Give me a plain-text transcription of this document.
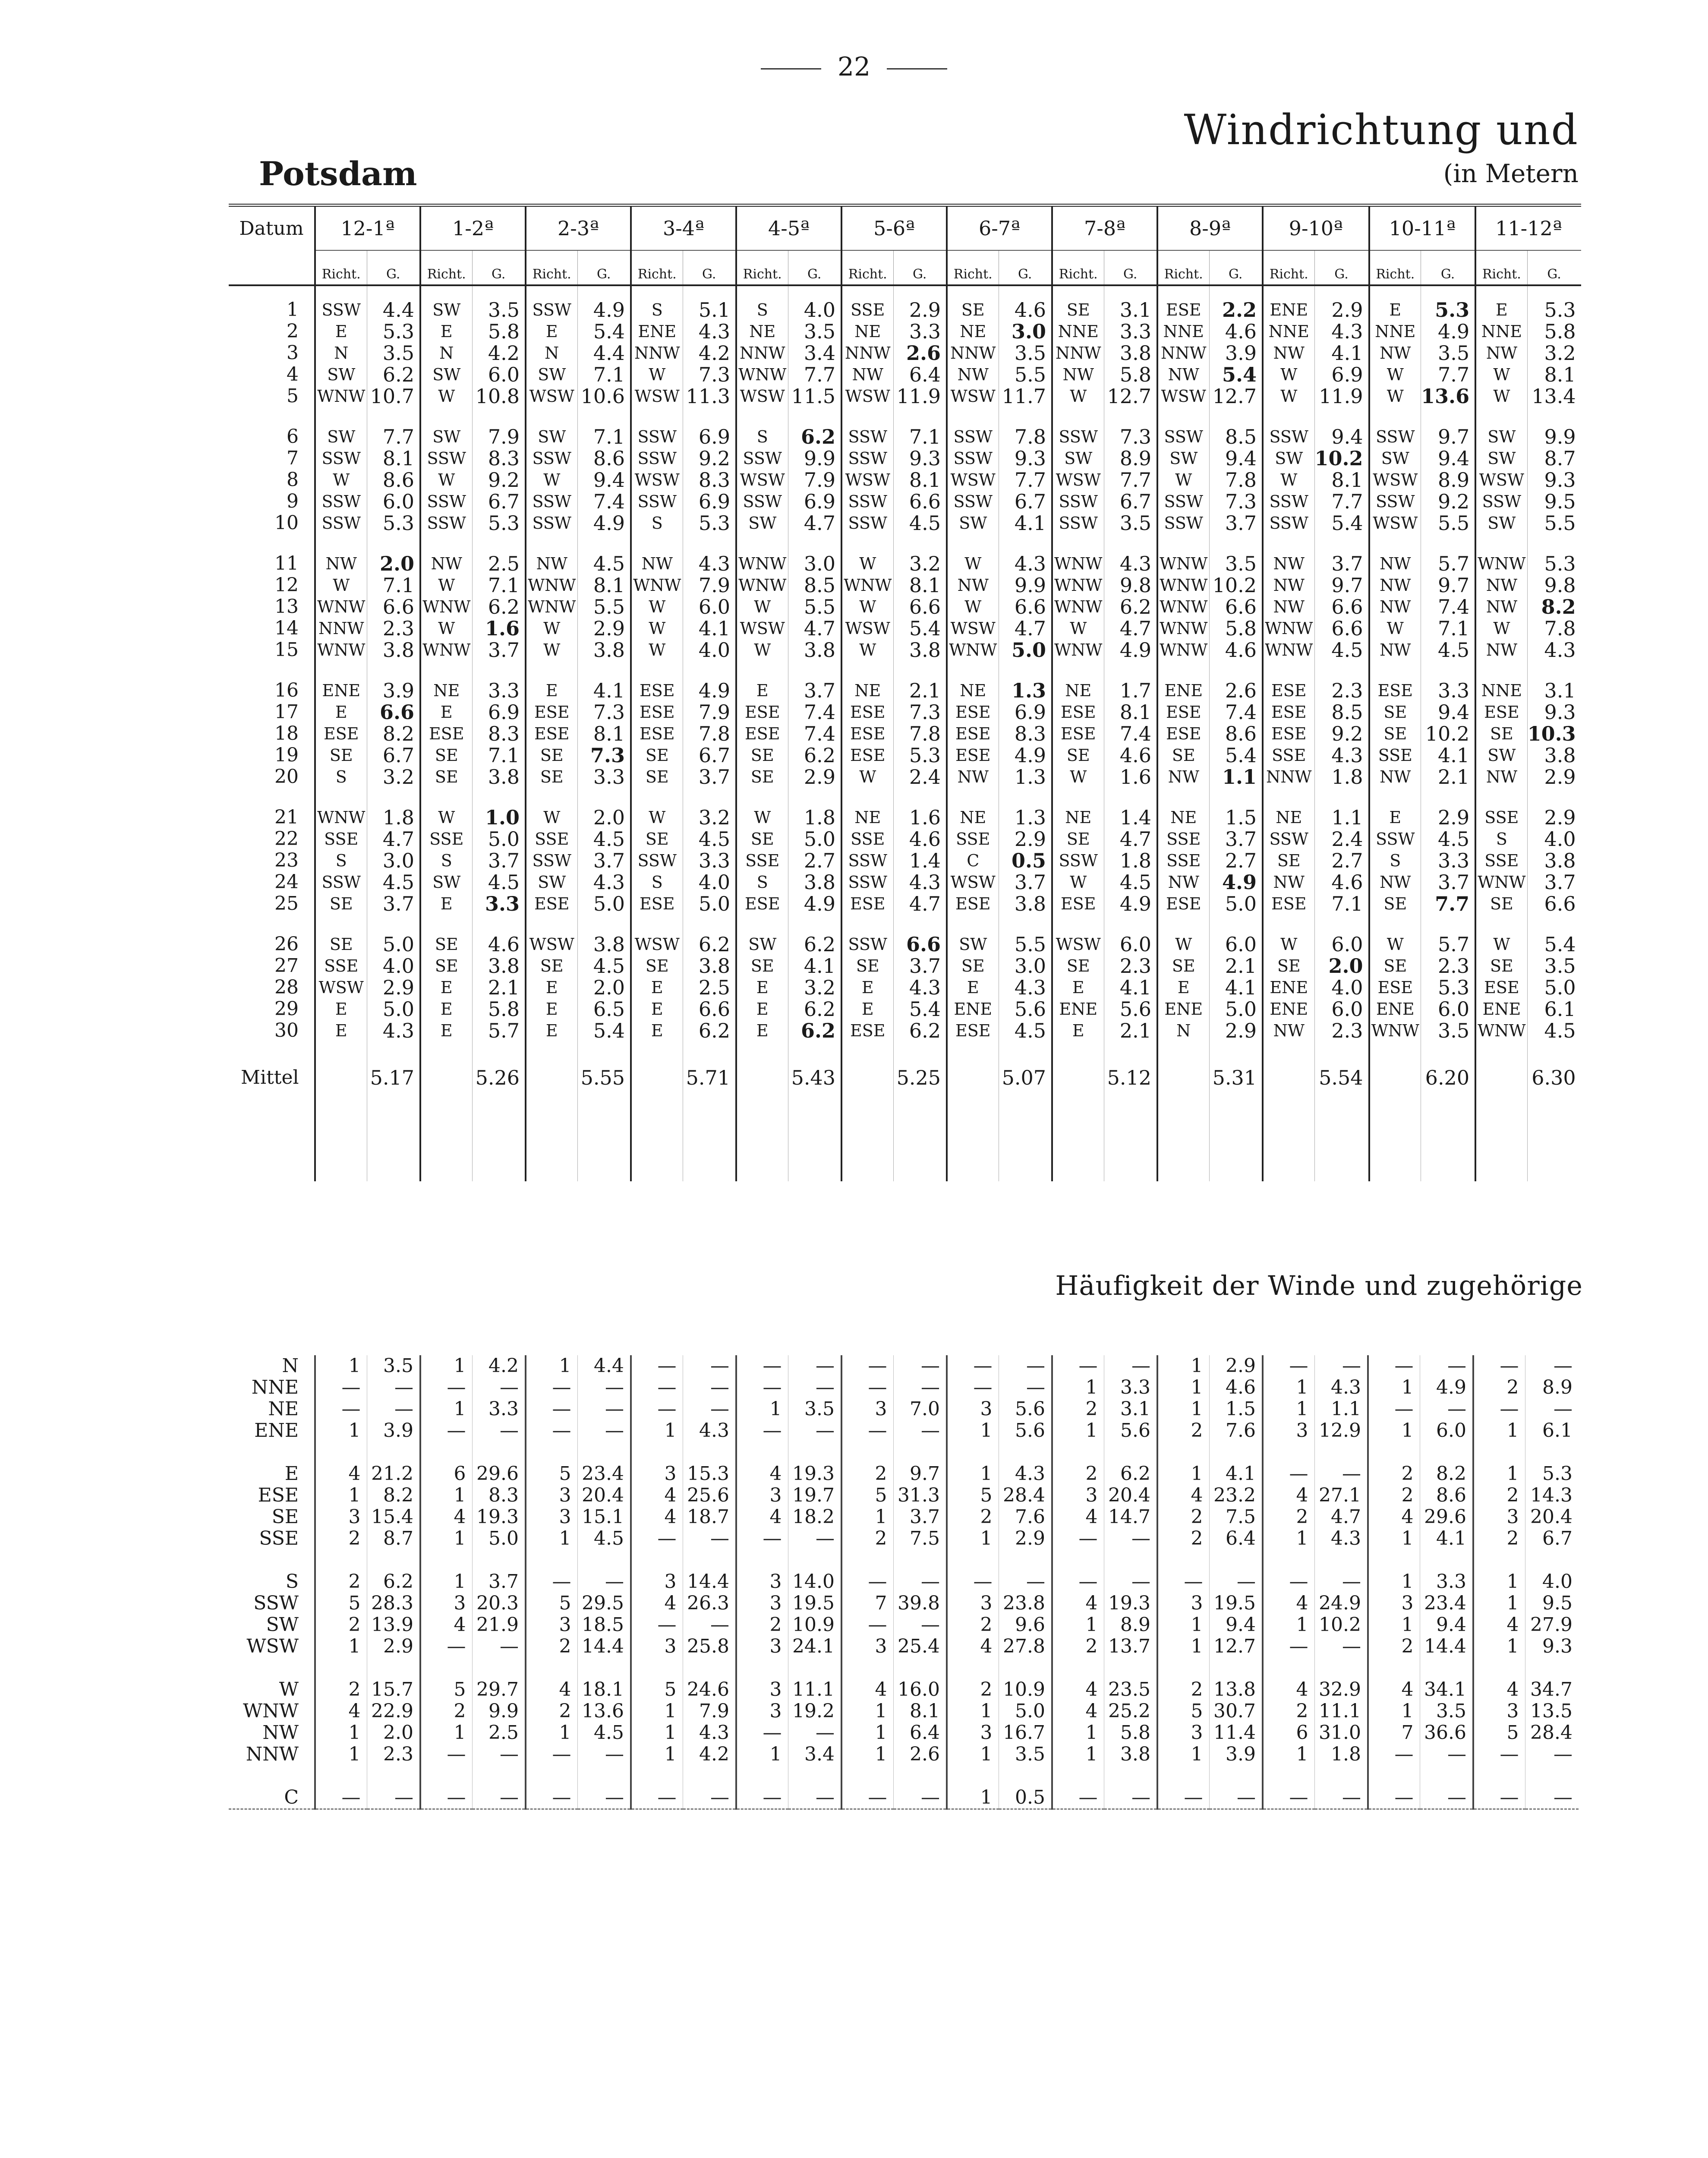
22
Windrichtung und
(in Metern
Potsdam
Datum	12-1ª		1-2ª		2-3ª		3-4ª		4-5ª		5-6ª		6-7ª		7-8ª		8-9ª		9-10ª		10-11ª		11-12ª	
	Richt.	G.	Richt.	G.	Richt.	G.	Richt.	G.	Richt.	G.	Richt.	G.	Richt.	G.	Richt.	G.	Richt.	G.	Richt.	G.	Richt.	G.	Richt.	G.
1	SSW	4.4	SW	3.5	SSW	4.9	S	5.1	S	4.0	SSE	2.9	SE	4.6	SE	3.1	ESE	2.2	ENE	2.9	E	5.3	E	5.3
2	E	5.3	E	5.8	E	5.4	ENE	4.3	NE	3.5	NE	3.3	NE	3.0	NNE	3.3	NNE	4.6	NNE	4.3	NNE	4.9	NNE	5.8
3	N	3.5	N	4.2	N	4.4	NNW	4.2	NNW	3.4	NNW	2.6	NNW	3.5	NNW	3.8	NNW	3.9	NW	4.1	NW	3.5	NW	3.2
4	SW	6.2	SW	6.0	SW	7.1	W	7.3	WNW	7.7	NW	6.4	NW	5.5	NW	5.8	NW	5.4	W	6.9	W	7.7	W	8.1
5	WNW	10.7	W	10.8	WSW	10.6	WSW	11.3	WSW	11.5	WSW	11.9	WSW	11.7	W	12.7	WSW	12.7	W	11.9	W	13.6	W	13.4

6	SW	7.7	SW	7.9	SW	7.1	SSW	6.9	S	6.2	SSW	7.1	SSW	7.8	SSW	7.3	SSW	8.5	SSW	9.4	SSW	9.7	SW	9.9
7	SSW	8.1	SSW	8.3	SSW	8.6	SSW	9.2	SSW	9.9	SSW	9.3	SSW	9.3	SW	8.9	SW	9.4	SW	10.2	SW	9.4	SW	8.7
8	W	8.6	W	9.2	W	9.4	WSW	8.3	WSW	7.9	WSW	8.1	WSW	7.7	WSW	7.7	W	7.8	W	8.1	WSW	8.9	WSW	9.3
9	SSW	6.0	SSW	6.7	SSW	7.4	SSW	6.9	SSW	6.9	SSW	6.6	SSW	6.7	SSW	6.7	SSW	7.3	SSW	7.7	SSW	9.2	SSW	9.5
10	SSW	5.3	SSW	5.3	SSW	4.9	S	5.3	SW	4.7	SSW	4.5	SW	4.1	SSW	3.5	SSW	3.7	SSW	5.4	WSW	5.5	SW	5.5

11	NW	2.0	NW	2.5	NW	4.5	NW	4.3	WNW	3.0	W	3.2	W	4.3	WNW	4.3	WNW	3.5	NW	3.7	NW	5.7	WNW	5.3
12	W	7.1	W	7.1	WNW	8.1	WNW	7.9	WNW	8.5	WNW	8.1	NW	9.9	WNW	9.8	WNW	10.2	NW	9.7	NW	9.7	NW	9.8
13	WNW	6.6	WNW	6.2	WNW	5.5	W	6.0	W	5.5	W	6.6	W	6.6	WNW	6.2	WNW	6.6	NW	6.6	NW	7.4	NW	8.2
14	NNW	2.3	W	1.6	W	2.9	W	4.1	WSW	4.7	WSW	5.4	WSW	4.7	W	4.7	WNW	5.8	WNW	6.6	W	7.1	W	7.8
15	WNW	3.8	WNW	3.7	W	3.8	W	4.0	W	3.8	W	3.8	WNW	5.0	WNW	4.9	WNW	4.6	WNW	4.5	NW	4.5	NW	4.3

16	ENE	3.9	NE	3.3	E	4.1	ESE	4.9	E	3.7	NE	2.1	NE	1.3	NE	1.7	ENE	2.6	ESE	2.3	ESE	3.3	NNE	3.1
17	E	6.6	E	6.9	ESE	7.3	ESE	7.9	ESE	7.4	ESE	7.3	ESE	6.9	ESE	8.1	ESE	7.4	ESE	8.5	SE	9.4	ESE	9.3
18	ESE	8.2	ESE	8.3	ESE	8.1	ESE	7.8	ESE	7.4	ESE	7.8	ESE	8.3	ESE	7.4	ESE	8.6	ESE	9.2	SE	10.2	SE	10.3
19	SE	6.7	SE	7.1	SE	7.3	SE	6.7	SE	6.2	ESE	5.3	ESE	4.9	SE	4.6	SE	5.4	SSE	4.3	SSE	4.1	SW	3.8
20	S	3.2	SE	3.8	SE	3.3	SE	3.7	SE	2.9	W	2.4	NW	1.3	W	1.6	NW	1.1	NNW	1.8	NW	2.1	NW	2.9

21	WNW	1.8	W	1.0	W	2.0	W	3.2	W	1.8	NE	1.6	NE	1.3	NE	1.4	NE	1.5	NE	1.1	E	2.9	SSE	2.9
22	SSE	4.7	SSE	5.0	SSE	4.5	SE	4.5	SE	5.0	SSE	4.6	SSE	2.9	SE	4.7	SSE	3.7	SSW	2.4	SSW	4.5	S	4.0
23	S	3.0	S	3.7	SSW	3.7	SSW	3.3	SSE	2.7	SSW	1.4	C	0.5	SSW	1.8	SSE	2.7	SE	2.7	S	3.3	SSE	3.8
24	SSW	4.5	SW	4.5	SW	4.3	S	4.0	S	3.8	SSW	4.3	WSW	3.7	W	4.5	NW	4.9	NW	4.6	NW	3.7	WNW	3.7
25	SE	3.7	E	3.3	ESE	5.0	ESE	5.0	ESE	4.9	ESE	4.7	ESE	3.8	ESE	4.9	ESE	5.0	ESE	7.1	SE	7.7	SE	6.6

26	SE	5.0	SE	4.6	WSW	3.8	WSW	6.2	SW	6.2	SSW	6.6	SW	5.5	WSW	6.0	W	6.0	W	6.0	W	5.7	W	5.4
27	SSE	4.0	SE	3.8	SE	4.5	SE	3.8	SE	4.1	SE	3.7	SE	3.0	SE	2.3	SE	2.1	SE	2.0	SE	2.3	SE	3.5
28	WSW	2.9	E	2.1	E	2.0	E	2.5	E	3.2	E	4.3	E	4.3	E	4.1	E	4.1	ENE	4.0	ESE	5.3	ESE	5.0
29	E	5.0	E	5.8	E	6.5	E	6.6	E	6.2	E	5.4	ENE	5.6	ENE	5.6	ENE	5.0	ENE	6.0	ENE	6.0	ENE	6.1
30	E	4.3	E	5.7	E	5.4	E	6.2	E	6.2	ESE	6.2	ESE	4.5	E	2.1	N	2.9	NW	2.3	WNW	3.5	WNW	4.5

Mittel		5.17		5.26		5.55		5.71		5.43		5.25		5.07		5.12		5.31		5.54		6.20		6.30

Häufigkeit der Winde und zugehörige
N	1	3.5	1	4.2	1	4.4	—	—	—	—	—	—	—	—	—	—	1	2.9	—	—	—	—	—	—
NNE	—	—	—	—	—	—	—	—	—	—	—	—	—	—	1	3.3	1	4.6	1	4.3	1	4.9	2	8.9
NE	—	—	1	3.3	—	—	—	—	1	3.5	3	7.0	3	5.6	2	3.1	1	1.5	1	1.1	—	—	—	—
ENE	1	3.9	—	—	—	—	1	4.3	—	—	—	—	1	5.6	1	5.6	2	7.6	3	12.9	1	6.0	1	6.1

E	4	21.2	6	29.6	5	23.4	3	15.3	4	19.3	2	9.7	1	4.3	2	6.2	1	4.1	—	—	2	8.2	1	5.3
ESE	1	8.2	1	8.3	3	20.4	4	25.6	3	19.7	5	31.3	5	28.4	3	20.4	4	23.2	4	27.1	2	8.6	2	14.3
SE	3	15.4	4	19.3	3	15.1	4	18.7	4	18.2	1	3.7	2	7.6	4	14.7	2	7.5	2	4.7	4	29.6	3	20.4
SSE	2	8.7	1	5.0	1	4.5	—	—	—	—	2	7.5	1	2.9	—	—	2	6.4	1	4.3	1	4.1	2	6.7

S	2	6.2	1	3.7	—	—	3	14.4	3	14.0	—	—	—	—	—	—	—	—	—	—	1	3.3	1	4.0
SSW	5	28.3	3	20.3	5	29.5	4	26.3	3	19.5	7	39.8	3	23.8	4	19.3	3	19.5	4	24.9	3	23.4	1	9.5
SW	2	13.9	4	21.9	3	18.5	—	—	2	10.9	—	—	2	9.6	1	8.9	1	9.4	1	10.2	1	9.4	4	27.9
WSW	1	2.9	—	—	2	14.4	3	25.8	3	24.1	3	25.4	4	27.8	2	13.7	1	12.7	—	—	2	14.4	1	9.3

W	2	15.7	5	29.7	4	18.1	5	24.6	3	11.1	4	16.0	2	10.9	4	23.5	2	13.8	4	32.9	4	34.1	4	34.7
WNW	4	22.9	2	9.9	2	13.6	1	7.9	3	19.2	1	8.1	1	5.0	4	25.2	5	30.7	2	11.1	1	3.5	3	13.5
NW	1	2.0	1	2.5	1	4.5	1	4.3	—	—	1	6.4	3	16.7	1	5.8	3	11.4	6	31.0	7	36.6	5	28.4
NNW	1	2.3	—	—	—	—	1	4.2	1	3.4	1	2.6	1	3.5	1	3.8	1	3.9	1	1.8	—	—	—	—

C	—	—	—	—	—	—	—	—	—	—	—	—	1	0.5	—	—	—	—	—	—	—	—	—	—
